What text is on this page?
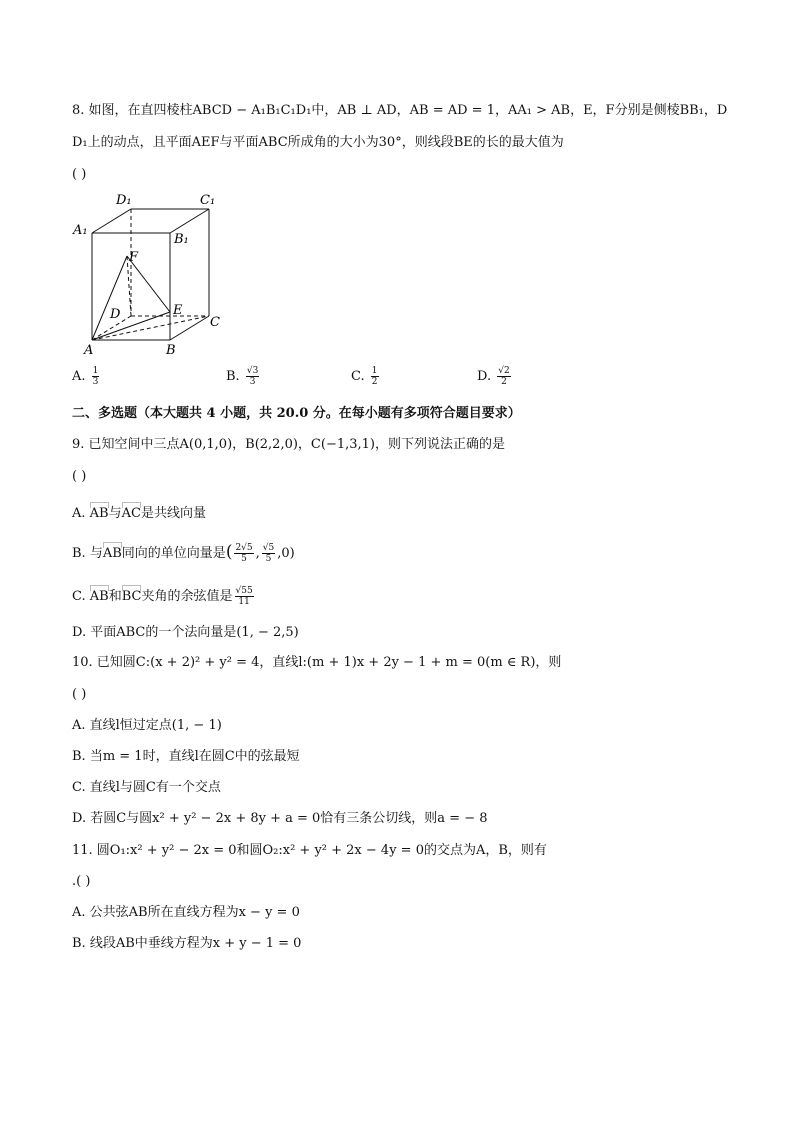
8. 如图，在直四棱柱ABCD − A₁B₁C₁D₁中，AB ⊥ AD，AB = AD = 1，AA₁ > AB，E，F分别是侧棱BB₁，D
D₁上的动点，且平面AEF与平面ABC所成角的大小为30°，则线段BE的长的最大值为
( )
D₁	C₁
A₁
B₁
F
D	E
C
A	B
A. $\frac{1}{3}$	B. $\frac{√3}{3}$	C. $\frac{1}{2}$	D. $\frac{√2}{2}$
二、多选题（本大题共 4 小题，共 20.0 分。在每小题有多项符合题目要求）
9. 已知空间中三点A(0,1,0)，B(2,2,0)，C(−1,3,1)，则下列说法正确的是
( )
A. AB与AC是共线向量
B. 与AB同向的单位向量是( $\frac{2√5}{5}$ , $\frac{√5}{5} ,0$)
C. AB和BC夹角的余弦值是 $\frac{√55}{11}$
D. 平面ABC的一个法向量是(1, − 2,5)
10. 已知圆C:(x + 2)² + y² = 4，直线l:(m + 1)x + 2y − 1 + m = 0(m ∈ R)，则
( )
A. 直线l恒过定点(1, − 1)
B. 当m = 1时，直线l在圆C中的弦最短
C. 直线l与圆C有一个交点
D. 若圆C与圆x² + y² − 2x + 8y + a = 0恰有三条公切线，则a = − 8
11. 圆O₁:x² + y² − 2x = 0和圆O₂:x² + y² + 2x − 4y = 0的交点为A，B，则有
.( )
A. 公共弦AB所在直线方程为x − y = 0
B. 线段AB中垂线方程为x + y − 1 = 0
